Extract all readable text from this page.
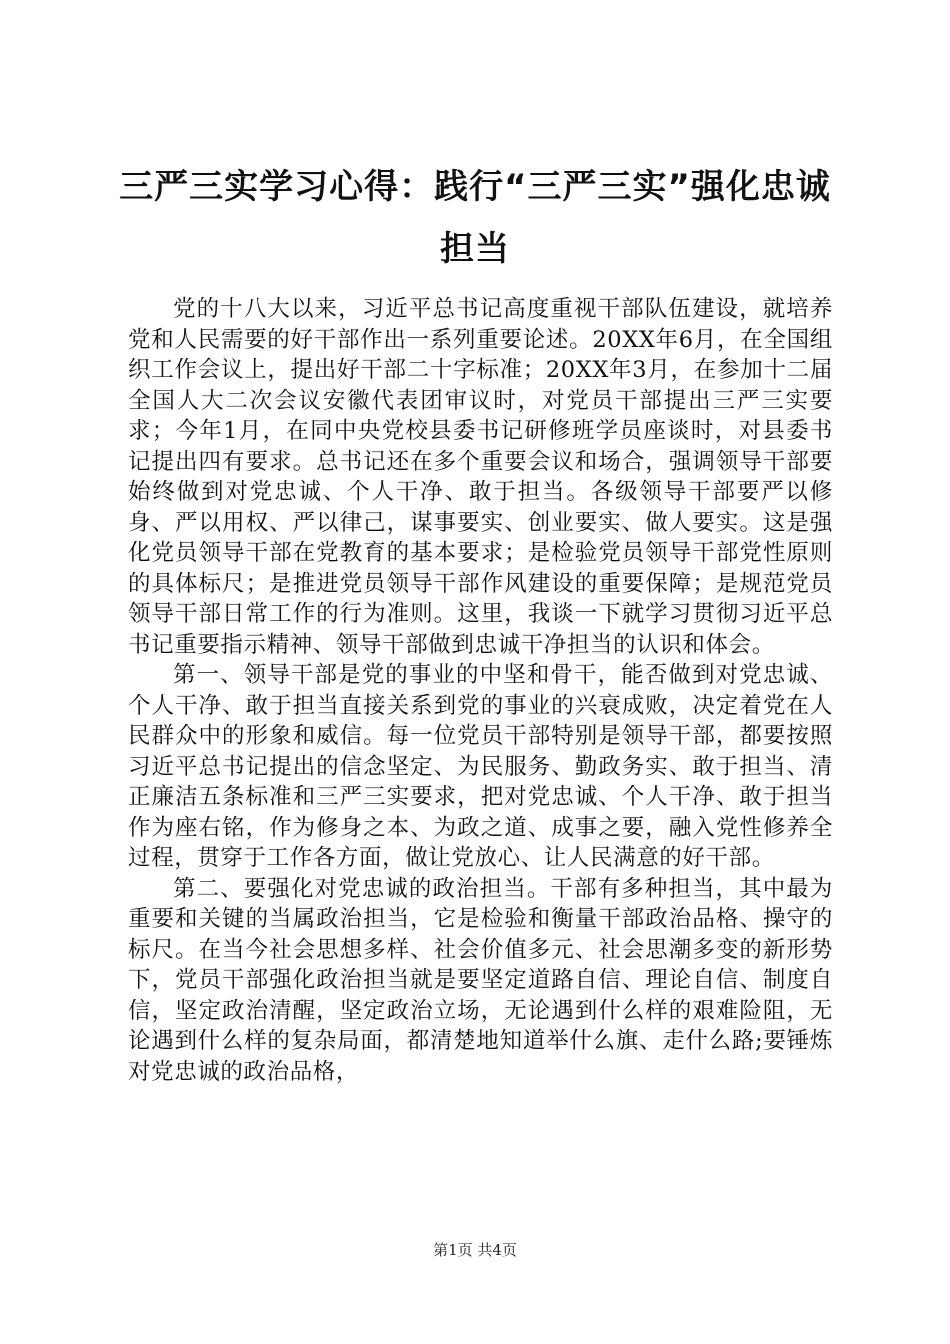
三严三实学习心得：践行“三严三实”强化忠诚担当

党的十八大以来，习近平总书记高度重视干部队伍建设，就培养党和人民需要的好干部作出一系列重要论述。20XX年6月，在全国组织工作会议上，提出好干部二十字标准；20XX年3月，在参加十二届全国人大二次会议安徽代表团审议时，对党员干部提出三严三实要求；今年1月，在同中央党校县委书记研修班学员座谈时，对县委书记提出四有要求。总书记还在多个重要会议和场合，强调领导干部要始终做到对党忠诚、个人干净、敢于担当。各级领导干部要严以修身、严以用权、严以律己，谋事要实、创业要实、做人要实。这是强化党员领导干部在党教育的基本要求；是检验党员领导干部党性原则的具体标尺；是推进党员领导干部作风建设的重要保障；是规范党员领导干部日常工作的行为准则。这里，我谈一下就学习贯彻习近平总书记重要指示精神、领导干部做到忠诚干净担当的认识和体会。

第一、领导干部是党的事业的中坚和骨干，能否做到对党忠诚、个人干净、敢于担当直接关系到党的事业的兴衰成败，决定着党在人民群众中的形象和威信。每一位党员干部特别是领导干部，都要按照习近平总书记提出的信念坚定、为民服务、勤政务实、敢于担当、清正廉洁五条标准和三严三实要求，把对党忠诚、个人干净、敢于担当作为座右铭，作为修身之本、为政之道、成事之要，融入党性修养全过程，贯穿于工作各方面，做让党放心、让人民满意的好干部。

第二、要强化对党忠诚的政治担当。干部有多种担当，其中最为重要和关键的当属政治担当，它是检验和衡量干部政治品格、操守的标尺。在当今社会思想多样、社会价值多元、社会思潮多变的新形势下，党员干部强化政治担当就是要坚定道路自信、理论自信、制度自信，坚定政治清醒，坚定政治立场，无论遇到什么样的艰难险阻，无论遇到什么样的复杂局面，都清楚地知道举什么旗、走什么路;要锤炼对党忠诚的政治品格，

第1页 共4页
